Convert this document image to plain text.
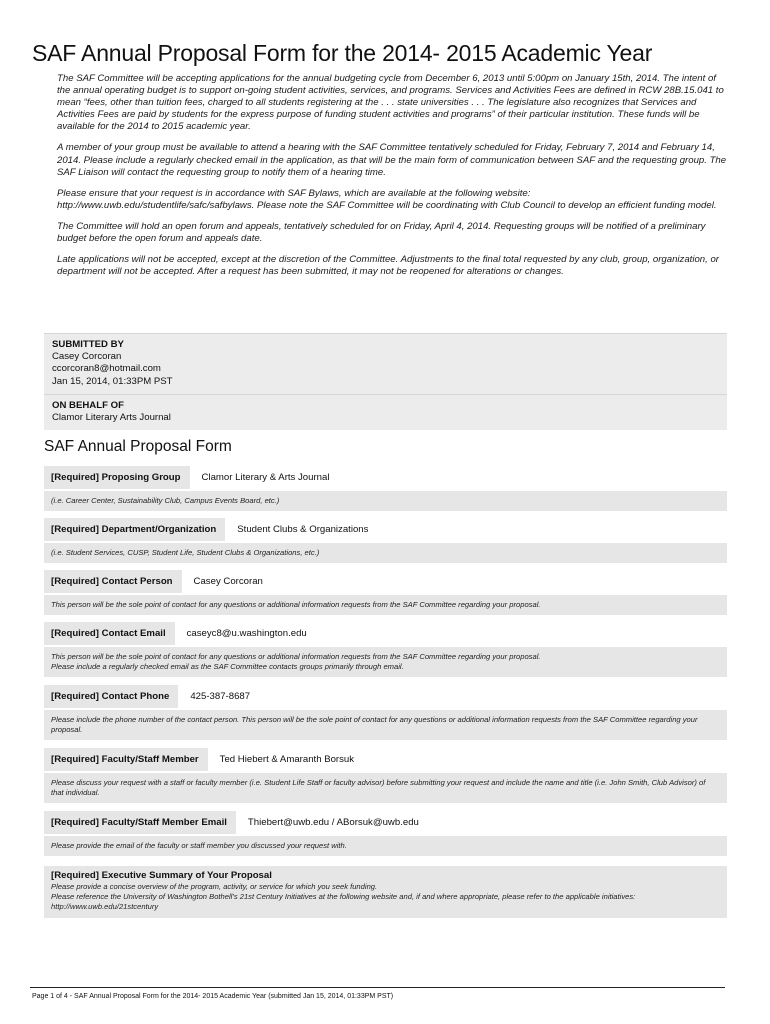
SAF Annual Proposal Form for the 2014- 2015 Academic Year

The SAF Committee will be accepting applications for the annual budgeting cycle from December 6, 2013 until 5:00pm on January 15th, 2014. The intent of the annual operating budget is to support on-going student activities, services, and programs. Services and Activities Fees are defined in RCW 28B.15.041 to mean “fees, other than tuition fees, charged to all students registering at the . . . state universities . . . The legislature also recognizes that Services and Activities Fees are paid by students for the express purpose of funding student activities and programs” of their particular institution. These funds will be available for the 2014 to 2015 academic year.

A member of your group must be available to attend a hearing with the SAF Committee tentatively scheduled for Friday, February 7, 2014 and February 14, 2014. Please include a regularly checked email in the application, as that will be the main form of communication between SAF and the requesting group. The SAF Liaison will contact the requesting group to notify them of a hearing time.

Please ensure that your request is in accordance with SAF Bylaws, which are available at the following website: http://www.uwb.edu/studentlife/safc/safbylaws. Please note the SAF Committee will be coordinating with Club Council to develop an efficient funding model.

The Committee will hold an open forum and appeals, tentatively scheduled for on Friday, April 4, 2014. Requesting groups will be notified of a preliminary budget before the open forum and appeals date.

Late applications will not be accepted, except at the discretion of the Committee. Adjustments to the final total requested by any club, group, organization, or department will not be accepted. After a request has been submitted, it may not be reopened for alterations or changes.

SUBMITTED BY
Casey Corcoran
ccorcoran8@hotmail.com
Jan 15, 2014, 01:33PM PST
ON BEHALF OF
Clamor Literary Arts Journal
SAF Annual Proposal Form
[Required] Proposing Group	Clamor Literary & Arts Journal
(i.e. Career Center, Sustainability Club, Campus Events Board, etc.)
[Required] Department/Organization	Student Clubs & Organizations
(i.e. Student Services, CUSP, Student Life, Student Clubs & Organizations, etc.)
[Required] Contact Person	Casey Corcoran
This person will be the sole point of contact for any questions or additional information requests from the SAF Committee regarding your proposal.
[Required] Contact Email	caseyc8@u.washington.edu
This person will be the sole point of contact for any questions or additional information requests from the SAF Committee regarding your proposal.
Please include a regularly checked email as the SAF Committee contacts groups primarily through email.
[Required] Contact Phone	425-387-8687
Please include the phone number of the contact person. This person will be the sole point of contact for any questions or additional information requests from the SAF Committee regarding your proposal.
[Required] Faculty/Staff Member	Ted Hiebert & Amaranth Borsuk
Please discuss your request with a staff or faculty member (i.e. Student Life Staff or faculty advisor) before submitting your request and include the name and title (i.e. John Smith, Club Advisor) of that individual.
[Required] Faculty/Staff Member Email	Thiebert@uwb.edu / ABorsuk@uwb.edu
Please provide the email of the faculty or staff member you discussed your request with.
[Required] Executive Summary of Your Proposal
Please provide a concise overview of the program, activity, or service for which you seek funding.
Please reference the University of Washington Bothell's 21st Century Initiatives at the following website and, if and where appropriate, please refer to the applicable initiatives: http://www.uwb.edu/21stcentury
Page 1 of 4 - SAF Annual Proposal Form for the 2014- 2015 Academic Year (submitted Jan 15, 2014, 01:33PM PST)
